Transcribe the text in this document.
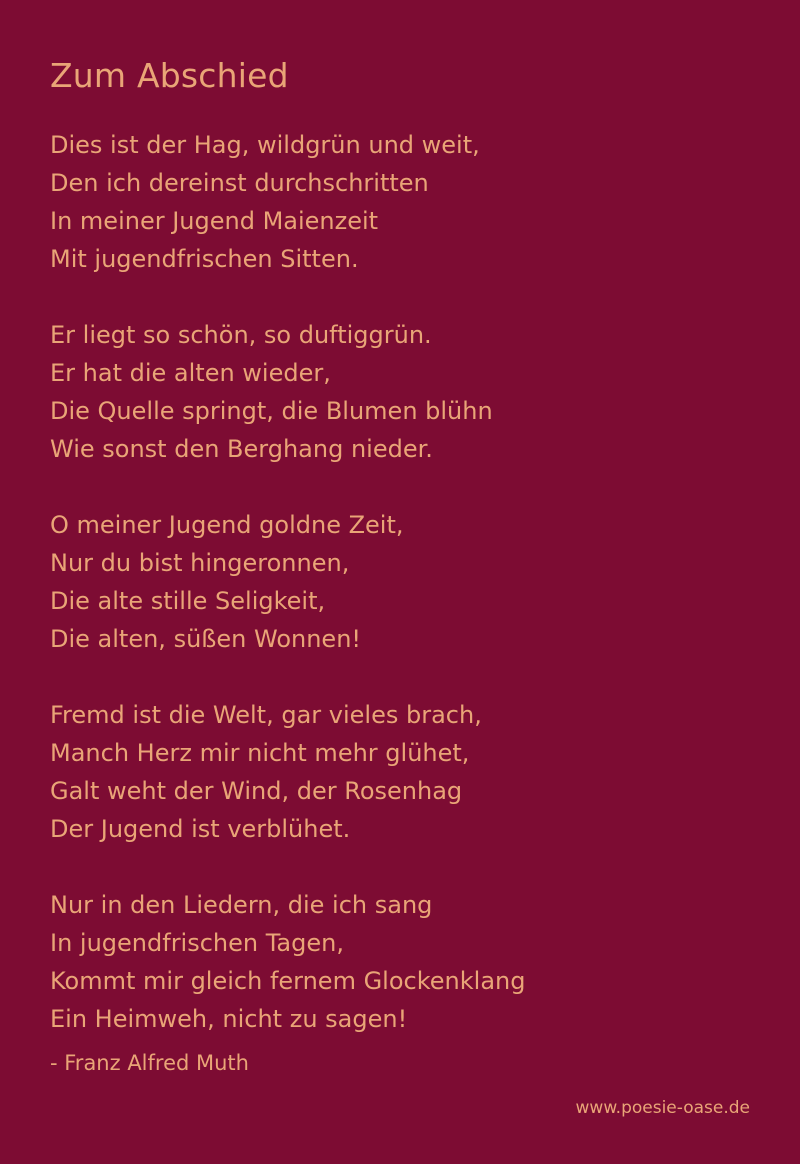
Zum Abschied
Dies ist der Hag, wildgrün und weit,
Den ich dereinst durchschritten
In meiner Jugend Maienzeit
Mit jugendfrischen Sitten.
Er liegt so schön, so duftiggrün.
Er hat die alten wieder,
Die Quelle springt, die Blumen blühn
Wie sonst den Berghang nieder.
O meiner Jugend goldne Zeit,
Nur du bist hingeronnen,
Die alte stille Seligkeit,
Die alten, süßen Wonnen!
Fremd ist die Welt, gar vieles brach,
Manch Herz mir nicht mehr glühet,
Galt weht der Wind, der Rosenhag
Der Jugend ist verblühet.
Nur in den Liedern, die ich sang
In jugendfrischen Tagen,
Kommt mir gleich fernem Glockenklang
Ein Heimweh, nicht zu sagen!
- Franz Alfred Muth
www.poesie-oase.de
